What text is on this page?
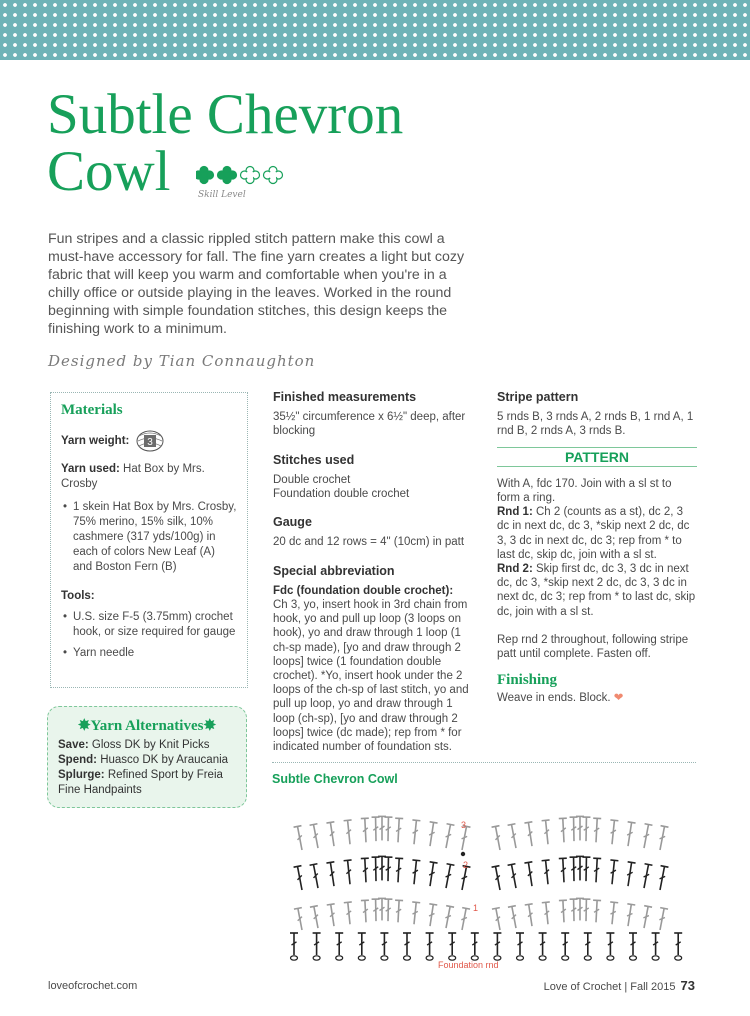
Subtle Chevron
Cowl	Skill Level

Fun stripes and a classic rippled stitch pattern make this cowl a must-have accessory for fall. The fine yarn creates a light but cozy fabric that will keep you warm and comfortable when you're in a chilly office or outside playing in the leaves. Worked in the round beginning with simple foundation stitches, this design keeps the finishing work to a minimum.

Designed by Tian Connaughton
Materials
Yarn weight: 3

Yarn used: Hat Box by Mrs. Crosby

• 1 skein Hat Box by Mrs. Crosby, 75% merino, 15% silk, 10% cashmere (317 yds/100g) in each of colors New Leaf (A) and Boston Fern (B)

Tools:

• U.S. size F-5 (3.75mm) crochet hook, or size required for gauge

• Yarn needle

✸Yarn Alternatives✸
Save: Gloss DK by Knit Picks
Spend: Huasco DK by Araucania
Splurge: Refined Sport by Freia Fine Handpaints
Finished measurements

35½" circumference x 6½" deep, after blocking

Stitches used

Double crochet

Foundation double crochet

Gauge

20 dc and 12 rows = 4" (10cm) in patt

Special abbreviation

Fdc (foundation double crochet):
Ch 3, yo, insert hook in 3rd chain from hook, yo and pull up loop (3 loops on hook), yo and draw through 1 loop (1 ch-sp made), [yo and draw through 2 loops] twice (1 foundation double crochet). *Yo, insert hook under the 2 loops of the ch-sp of last stitch, yo and pull up loop, yo and draw through 1 loop (ch-sp), [yo and draw through 2 loops] twice (dc made); rep from * for indicated number of foundation sts.

Stripe pattern

5 rnds B, 3 rnds A, 2 rnds B, 1 rnd A, 1 rnd B, 2 rnds A, 3 rnds B.

PATTERN

With A, fdc 170. Join with a sl st to form a ring.

Rnd 1: Ch 2 (counts as a st), dc 2, 3 dc in next dc, dc 3, *skip next 2 dc, dc 3, 3 dc in next dc, dc 3; rep from * to last dc, skip dc, join with a sl st.

Rnd 2: Skip first dc, dc 3, 3 dc in next dc, dc 3, *skip next 2 dc, dc 3, 3 dc in next dc, dc 3; rep from * to last dc, skip dc, join with a sl st.

Rep rnd 2 throughout, following stripe patt until complete. Fasten off.

Finishing

Weave in ends. Block. ❤

Subtle Chevron Cowl
3
2
1
Foundation rnd
loveofcrochet.com	Love of Crochet | Fall 2015 73
